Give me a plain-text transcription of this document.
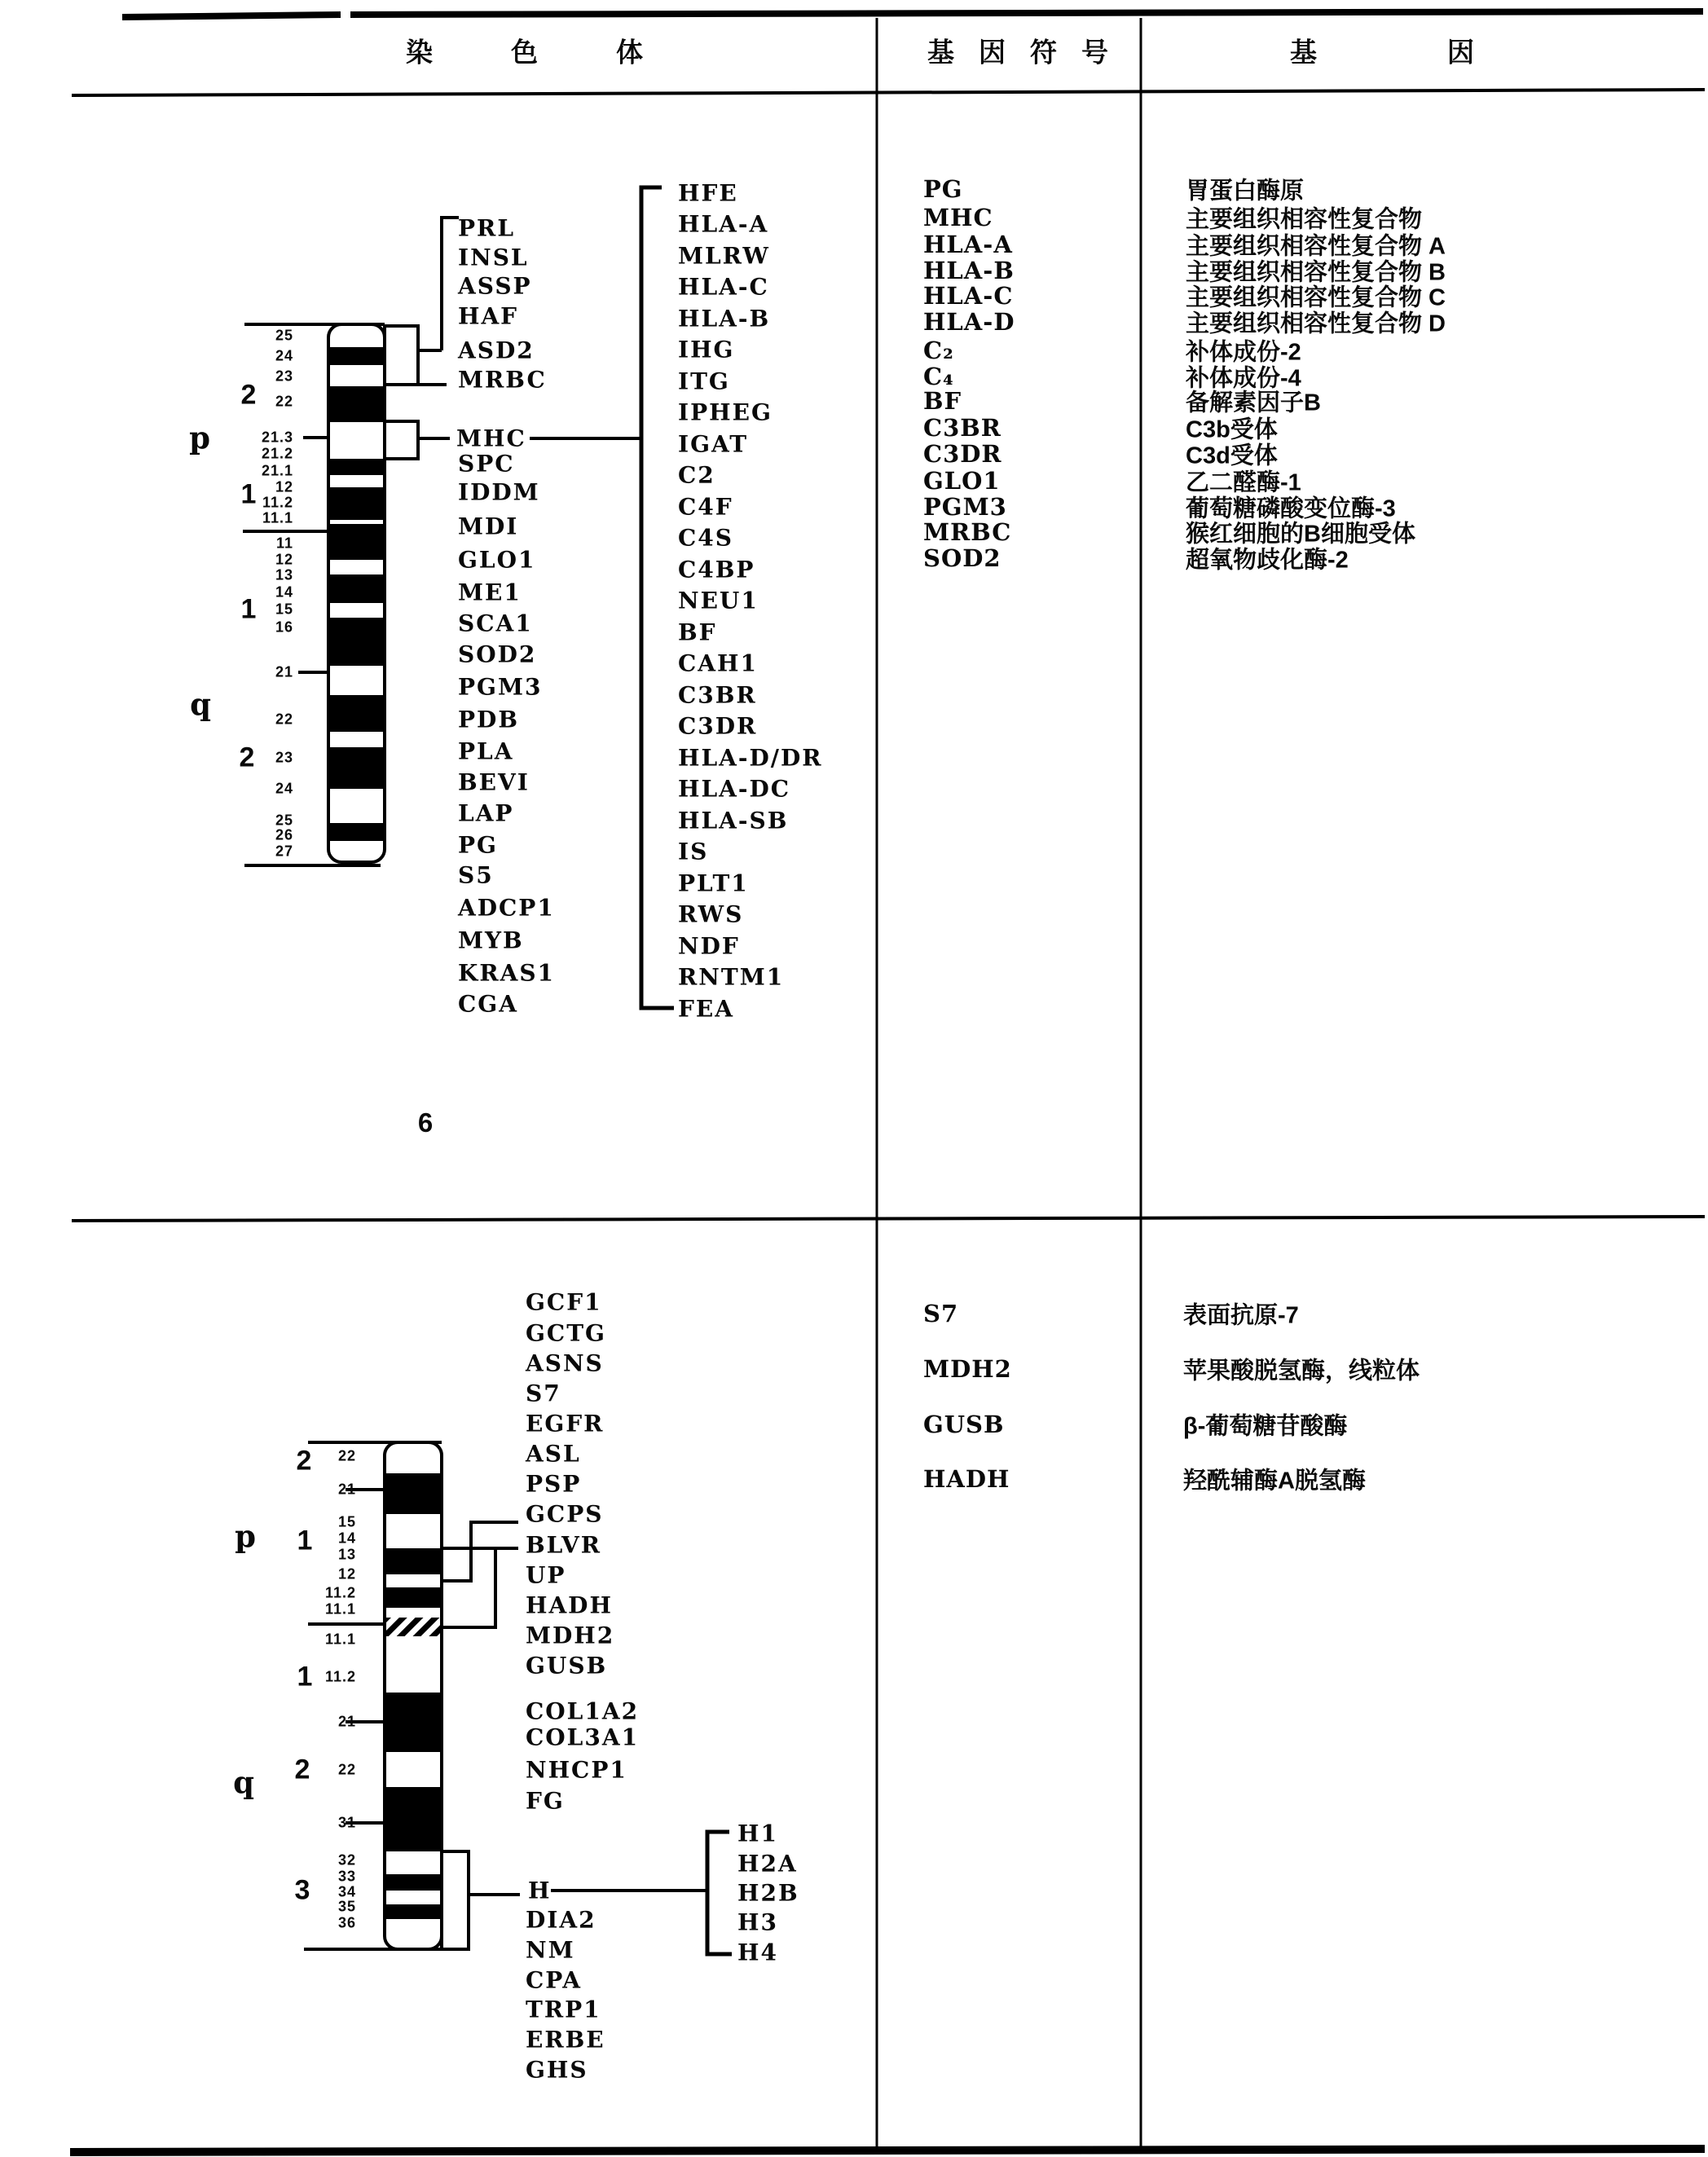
染色体	基因符号	基因
p
q
2
1
1
2
25
24
23
22
21.3
21.2
21.1
12
11.2
11.1
11
12
13
14
15
16
21
22
23
24
25
26
27
PRL
INSL
ASSP
HAF
ASD2
MRBC
MHC
SPC
IDDM
MDI
GLO1
ME1
SCA1
SOD2
PGM3
PDB
PLA
BEVI
LAP
PG
S5
ADCP1
MYB
KRAS1
CGA
HFE
HLA-A
MLRW
HLA-C
HLA-B
IHG
ITG
IPHEG
IGAT
C2
C4F
C4S
C4BP
NEU1
BF
CAH1
C3BR
C3DR
HLA-D/DR
HLA-DC
HLA-SB
IS
PLT1
RWS
NDF
RNTM1
FEA
PG
MHC
HLA-A
HLA-B
HLA-C
HLA-D
C₂
C₄
BF
C3BR
C3DR
GLO1
PGM3
MRBC
SOD2
胃蛋白酶原
主要组织相容性复合物
主要组织相容性复合物 A
主要组织相容性复合物 B
主要组织相容性复合物 C
主要组织相容性复合物 D
补体成份-2
补体成份-4
备解素因子B
C3b受体
C3d受体
乙二醛酶-1
葡萄糖磷酸变位酶-3
猴红细胞的B细胞受体
超氧物歧化酶-2
6
p
q
2
1
1
2
3
22
21
15
14
13
12
11.2
11.1
11.1
11.2
21
22
31
32
33
34
35
36
GCF1
GCTG
ASNS
S7
EGFR
ASL
PSP
GCPS
BLVR
UP
HADH
MDH2
GUSB
COL1A2
COL3A1
NHCP1
FG
H
DIA2
NM
CPA
TRP1
ERBE
GHS
H1
H2A
H2B
H3
H4
S7
MDH2
GUSB
HADH
表面抗原-7
苹果酸脱氢酶，线粒体
β-葡萄糖苷酸酶
羟酰辅酶A脱氢酶
